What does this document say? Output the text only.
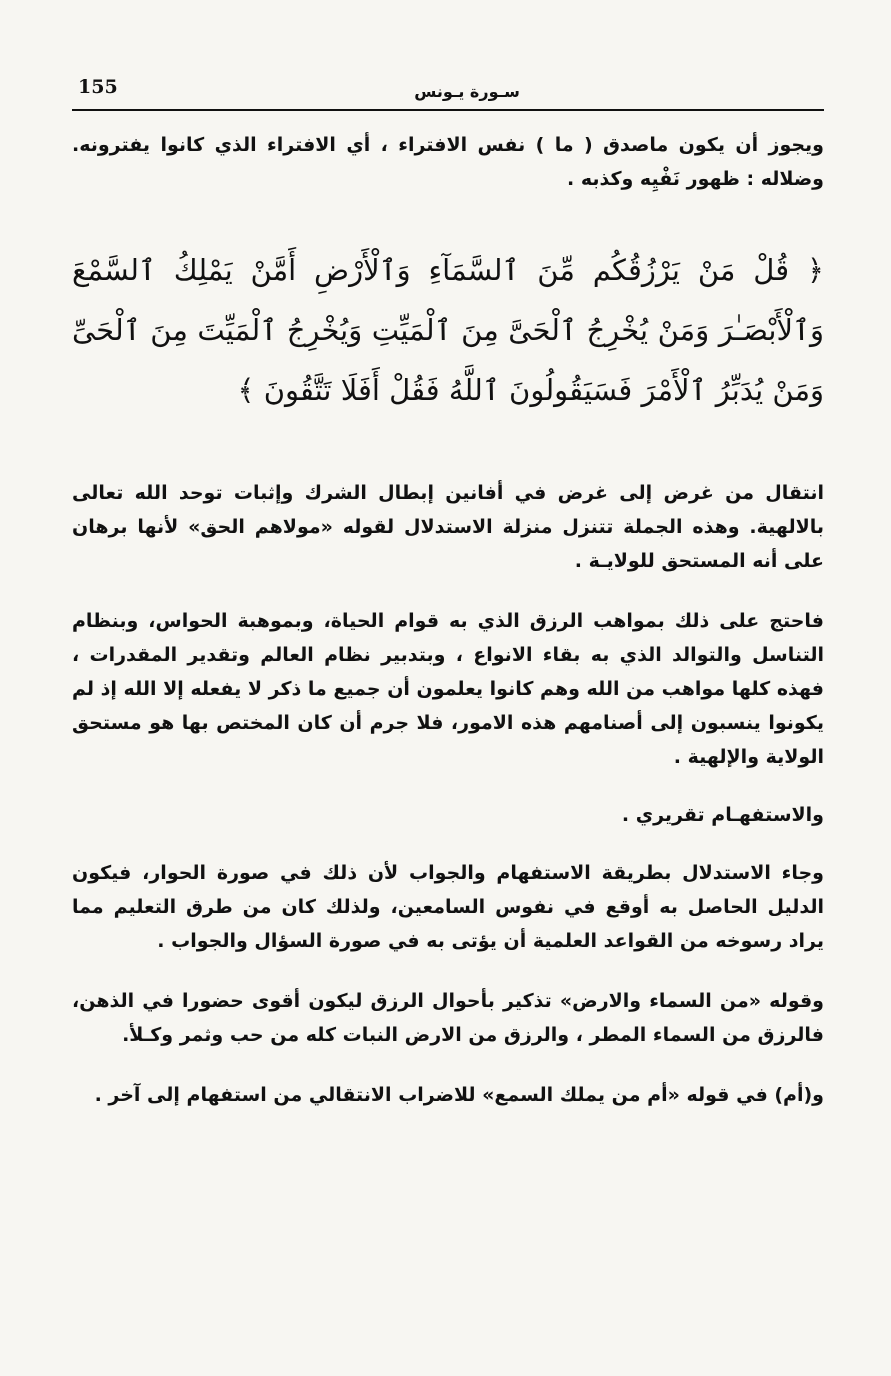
155	سـورة يـونس

ويجوز أن يكون ماصدق ( ما ) نفس الافتراء ، أي الافتراء الذي كانوا يفترونه. وضلاله : ظهور نَفْيِه وكذبه .

﴿ قُلْ مَنْ يَرْزُقُكُم مِّنَ ٱلسَّمَآءِ وَٱلْأَرْضِ أَمَّنْ يَمْلِكُ ٱلسَّمْعَ وَٱلْأَبْصَـٰرَ وَمَنْ يُخْرِجُ ٱلْحَىَّ مِنَ ٱلْمَيِّتِ وَيُخْرِجُ ٱلْمَيِّتَ مِنَ ٱلْحَىِّ وَمَنْ يُدَبِّرُ ٱلْأَمْرَ فَسَيَقُولُونَ ٱللَّهُ فَقُلْ أَفَلَا تَتَّقُونَ ﴾

انتقال من غرض إلى غرض في أفانين إبطال الشرك وإثبات توحد الله تعالى بالالهية. وهذه الجملة تتنزل منزلة الاستدلال لقوله «مولاهم الحق» لأنها برهان على أنه المستحق للولايـة .

فاحتج على ذلك بمواهب الرزق الذي به قوام الحياة، وبموهبة الحواس، وبنظام التناسل والتوالد الذي به بقاء الانواع ، وبتدبير نظام العالم وتقدير المقدرات ، فهذه كلها مواهب من الله وهم كانوا يعلمون أن جميع ما ذكر لا يفعله إلا الله إذ لم يكونوا ينسبون إلى أصنامهم هذه الامور، فلا جرم أن كان المختص بها هو مستحق الولاية والإلهية .

والاستفهـام تقريري .

وجاء الاستدلال بطريقة الاستفهام والجواب لأن ذلك في صورة الحوار، فيكون الدليل الحاصل به أوقع في نفوس السامعين، ولذلك كان من طرق التعليم مما يراد رسوخه من القواعد العلمية أن يؤتى به في صورة السؤال والجواب .

وقوله «من السماء والارض» تذكير بأحوال الرزق ليكون أقوى حضورا في الذهن، فالرزق من السماء المطر ، والرزق من الارض النبات كله من حب وثمر وكـلأ.

و(أم) في قوله «أم من يملك السمع» للاضراب الانتقالي من استفهام إلى آخر .
